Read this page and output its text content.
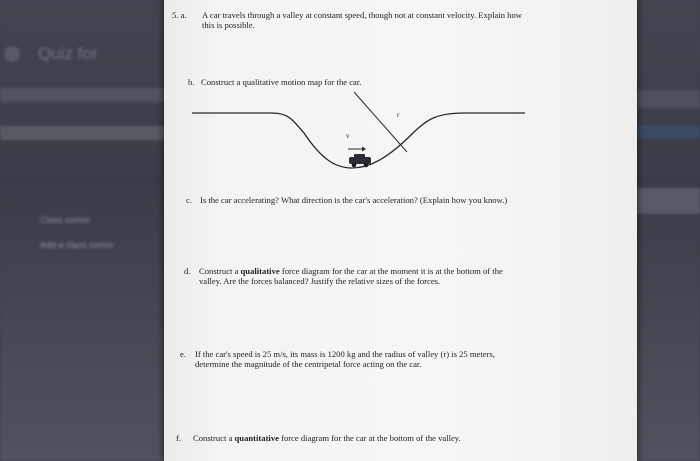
Quiz for
Class comm
Add a class comm
5. a. A car travels through a valley at constant speed, though not at constant velocity. Explain how
this is possible.
b. Construct a qualitative motion map for the car.
v
r
c. Is the car accelerating? What direction is the car's acceleration? (Explain how you know.)
d. Construct a qualitative force diagram for the car at the moment it is at the bottom of the
valley. Are the forces balanced? Justify the relative sizes of the forces.
e. If the car's speed is 25 m/s, its mass is 1200 kg and the radius of valley (r) is 25 meters,
determine the magnitude of the centripetal force acting on the car.
f. Construct a quantitative force diagram for the car at the bottom of the valley.
